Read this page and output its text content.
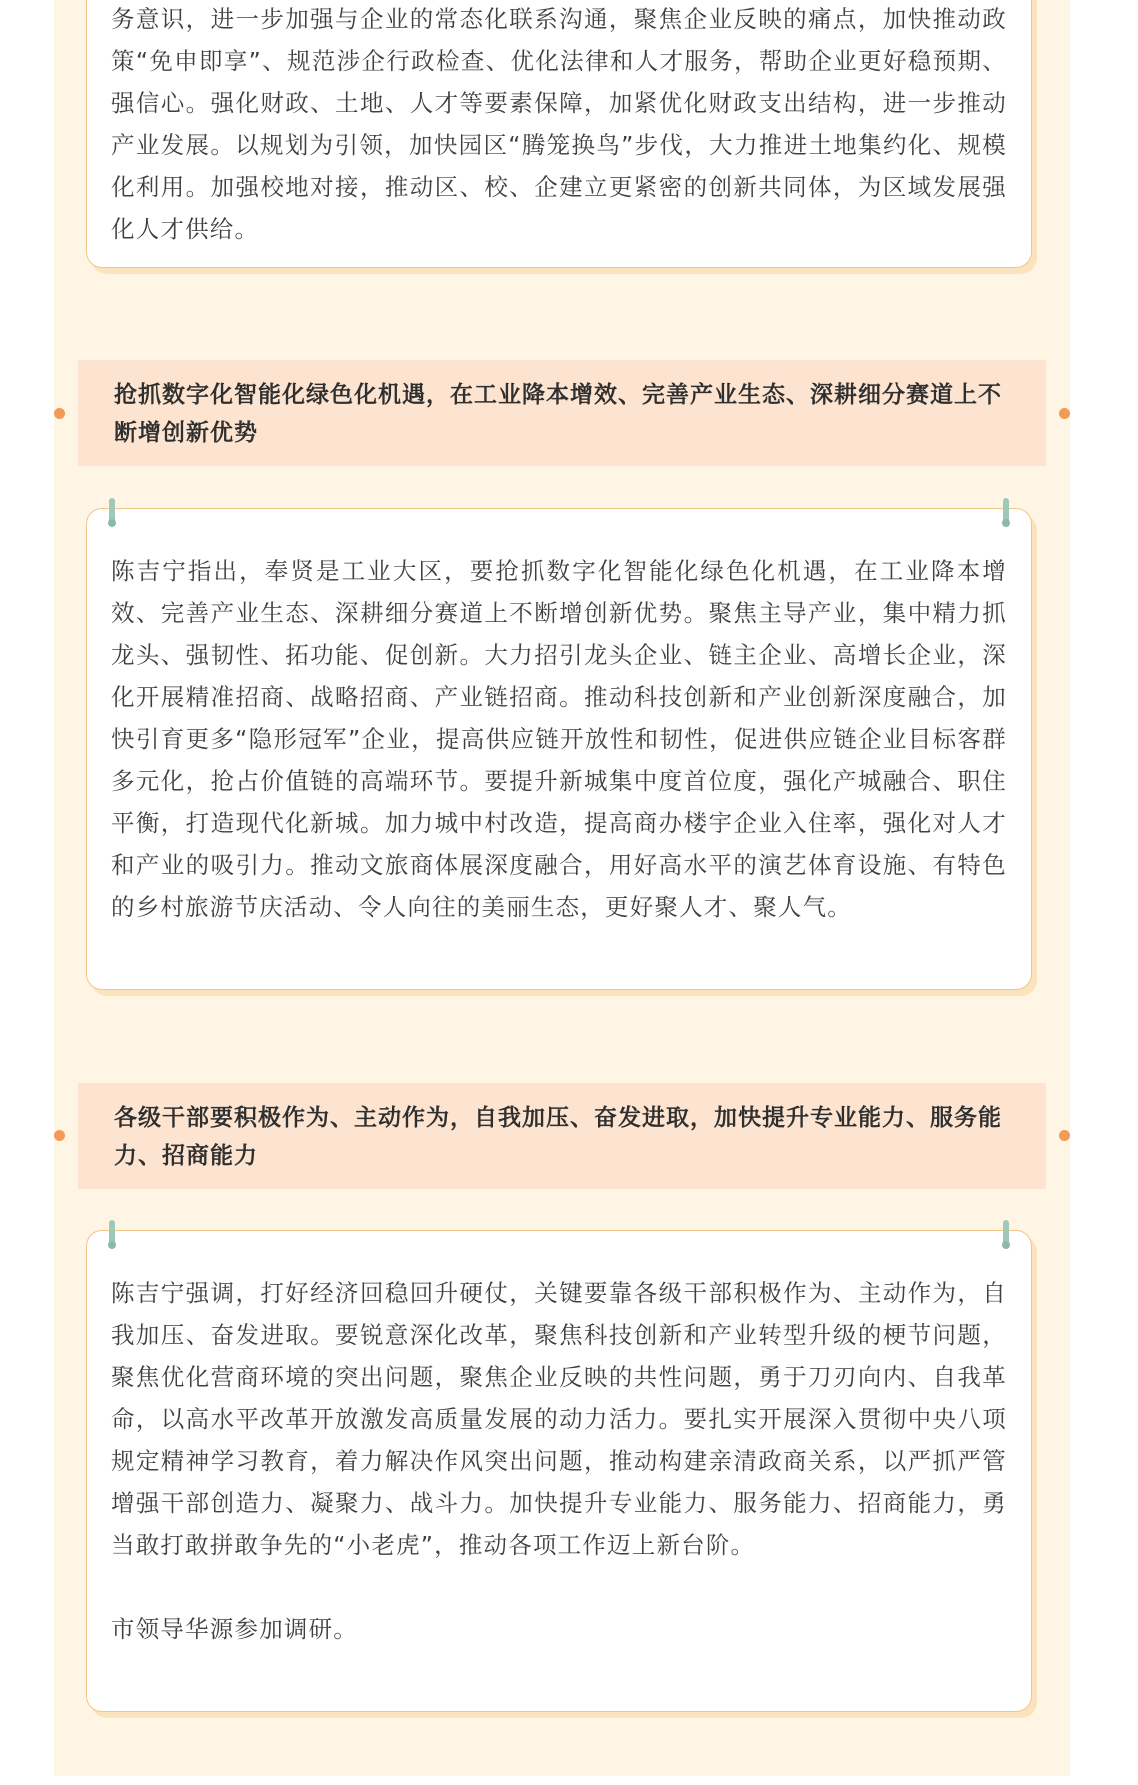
务意识，进一步加强与企业的常态化联系沟通，聚焦企业反映的痛点，加快推动政策“免申即享”、规范涉企行政检查、优化法律和人才服务，帮助企业更好稳预期、强信心。强化财政、土地、人才等要素保障，加紧优化财政支出结构，进一步推动产业发展。以规划为引领，加快园区“腾笼换鸟”步伐，大力推进土地集约化、规模化利用。加强校地对接，推动区、校、企建立更紧密的创新共同体，为区域发展强化人才供给。

抢抓数字化智能化绿色化机遇，在工业降本增效、完善产业生态、深耕细分赛道上不断增创新优势

陈吉宁指出，奉贤是工业大区，要抢抓数字化智能化绿色化机遇，在工业降本增效、完善产业生态、深耕细分赛道上不断增创新优势。聚焦主导产业，集中精力抓龙头、强韧性、拓功能、促创新。大力招引龙头企业、链主企业、高增长企业，深化开展精准招商、战略招商、产业链招商。推动科技创新和产业创新深度融合，加快引育更多“隐形冠军”企业，提高供应链开放性和韧性，促进供应链企业目标客群多元化，抢占价值链的高端环节。要提升新城集中度首位度，强化产城融合、职住平衡，打造现代化新城。加力城中村改造，提高商办楼宇企业入住率，强化对人才和产业的吸引力。推动文旅商体展深度融合，用好高水平的演艺体育设施、有特色的乡村旅游节庆活动、令人向往的美丽生态，更好聚人才、聚人气。

各级干部要积极作为、主动作为，自我加压、奋发进取，加快提升专业能力、服务能力、招商能力

陈吉宁强调，打好经济回稳回升硬仗，关键要靠各级干部积极作为、主动作为，自我加压、奋发进取。要锐意深化改革，聚焦科技创新和产业转型升级的梗节问题，聚焦优化营商环境的突出问题，聚焦企业反映的共性问题，勇于刀刃向内、自我革命，以高水平改革开放激发高质量发展的动力活力。要扎实开展深入贯彻中央八项规定精神学习教育，着力解决作风突出问题，推动构建亲清政商关系，以严抓严管增强干部创造力、凝聚力、战斗力。加快提升专业能力、服务能力、招商能力，勇当敢打敢拼敢争先的“小老虎”，推动各项工作迈上新台阶。

市领导华源参加调研。
